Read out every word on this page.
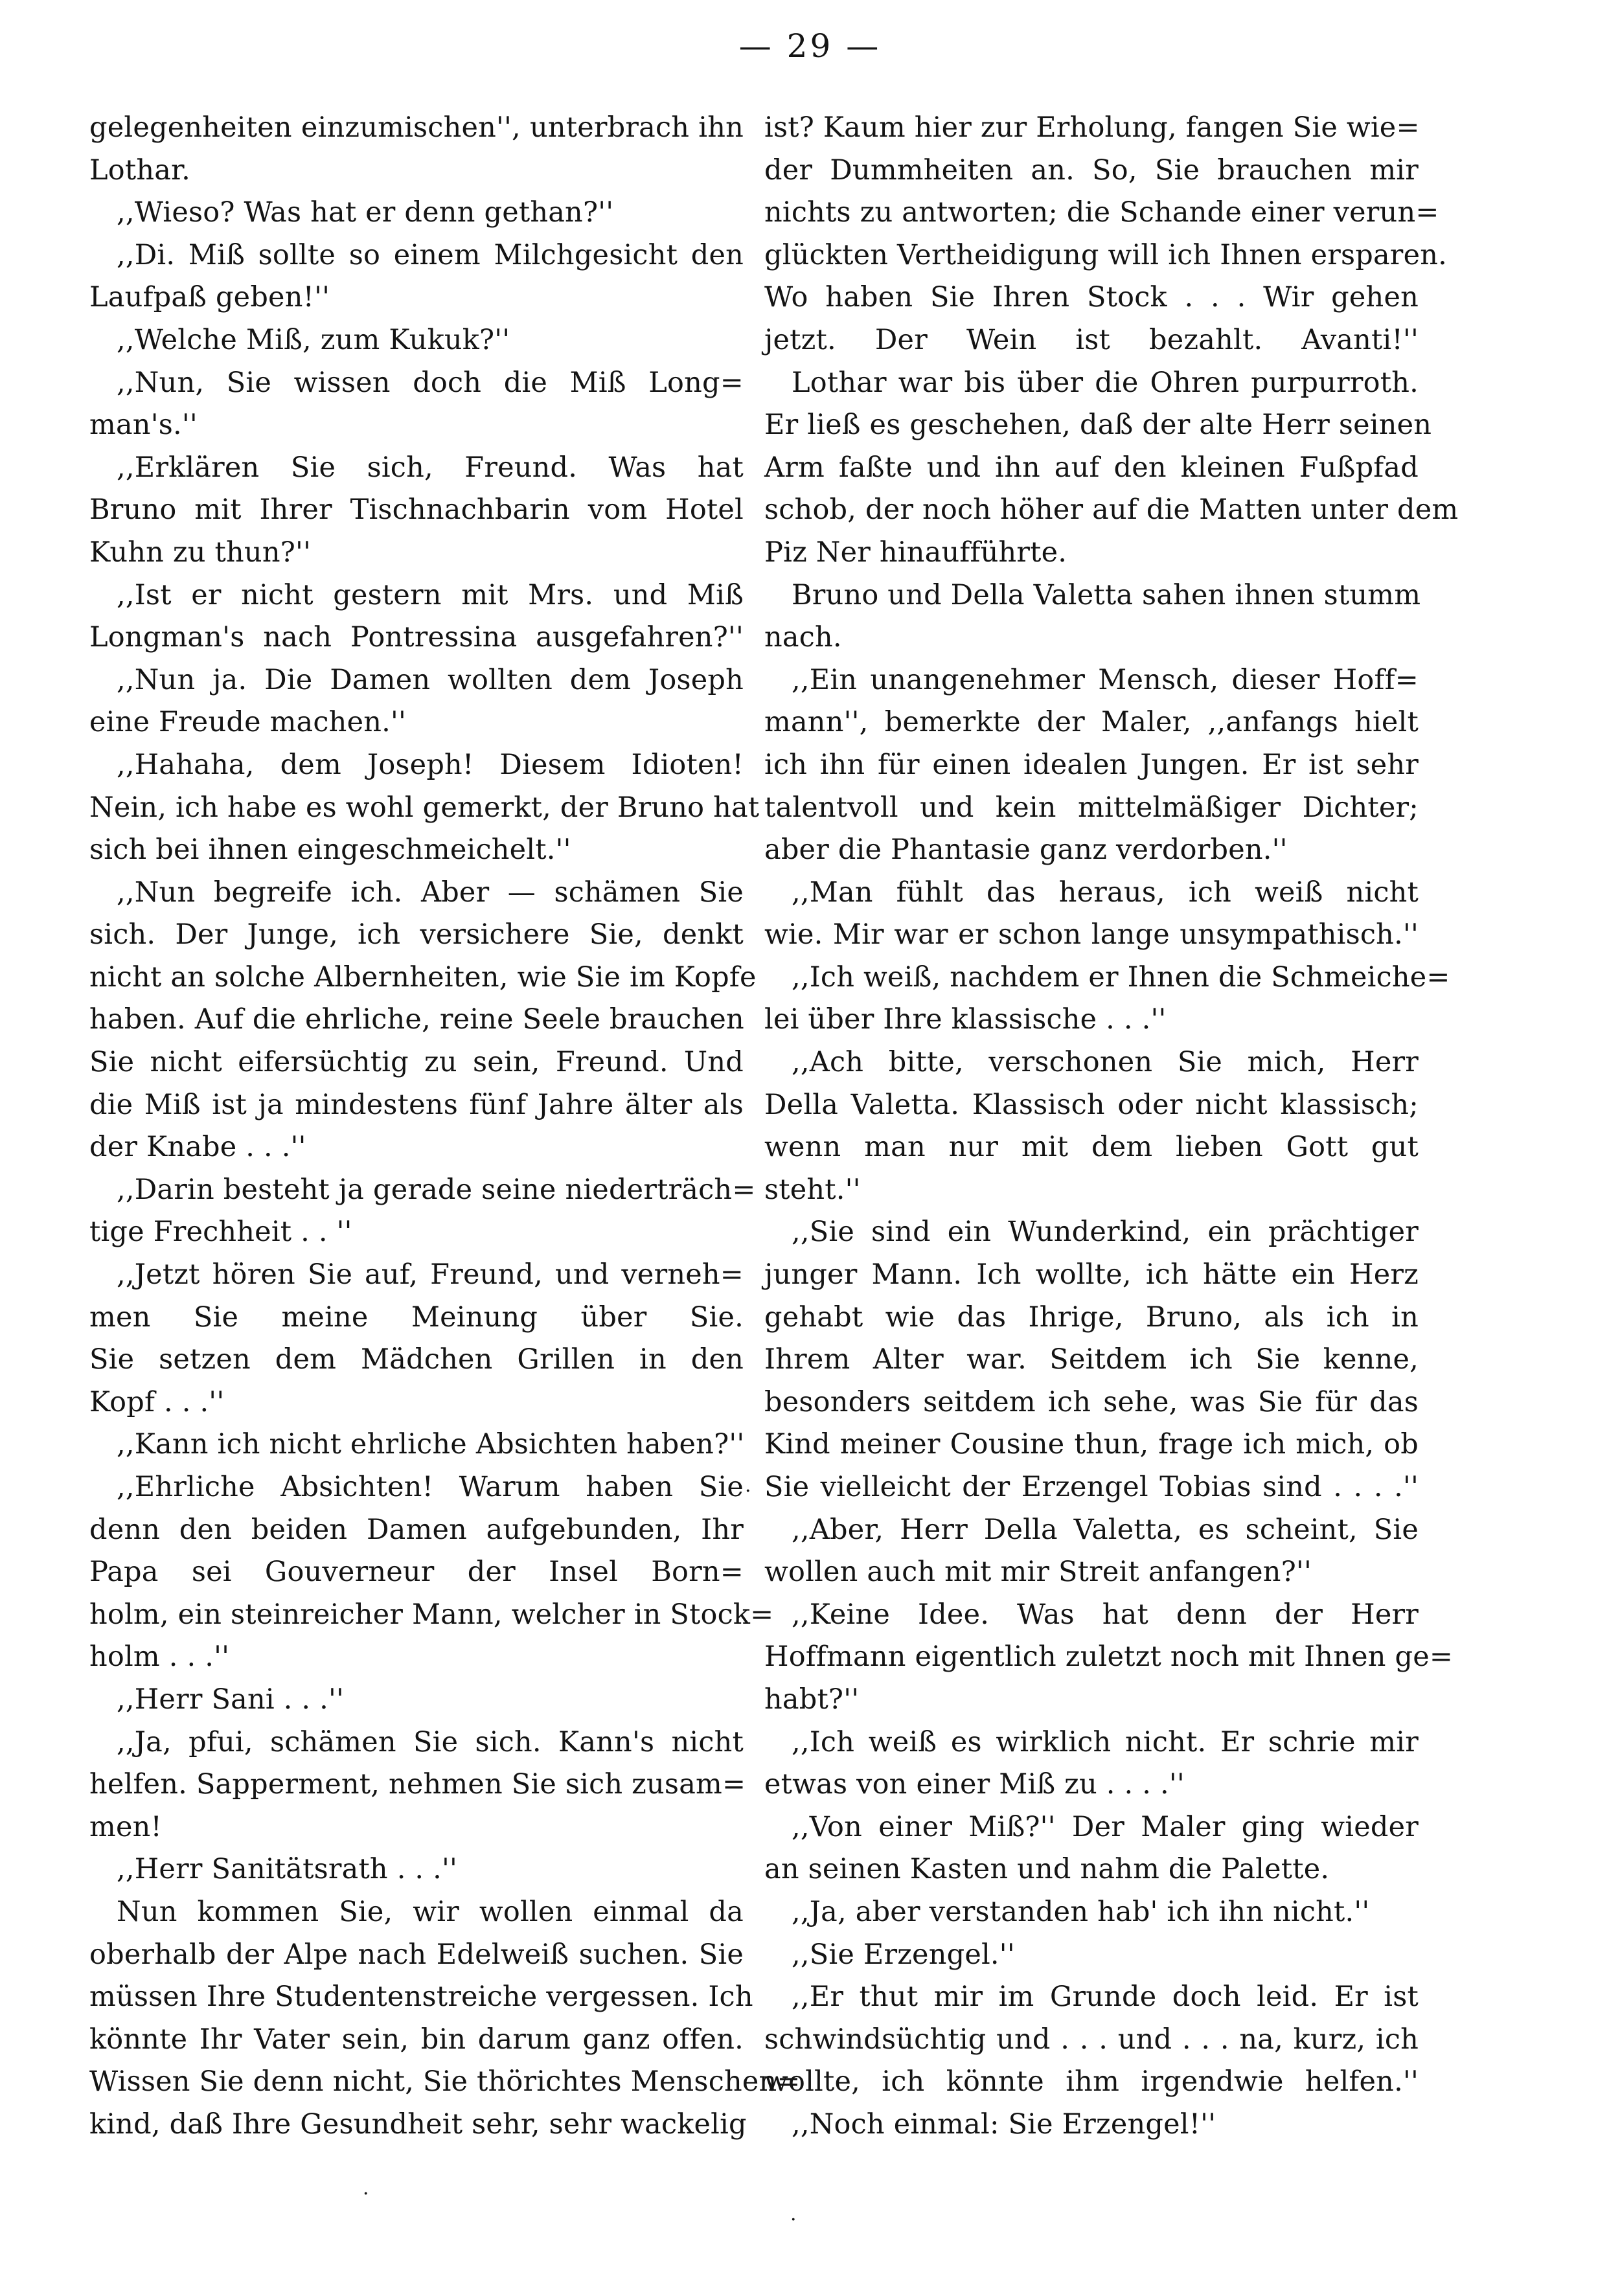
— 29 —
gelegenheiten einzumischen'', unterbrach ihn
Lothar.
,,Wieso? Was hat er denn gethan?''
,,Di. Miß sollte so einem Milchgesicht den
Laufpaß geben!''
,,Welche Miß, zum Kukuk?''
,,Nun, Sie wissen doch die Miß Long=
man's.''
,,Erklären Sie sich, Freund. Was hat
Bruno mit Ihrer Tischnachbarin vom Hotel
Kuhn zu thun?''
,,Ist er nicht gestern mit Mrs. und Miß
Longman's nach Pontressina ausgefahren?''
,,Nun ja. Die Damen wollten dem Joseph
eine Freude machen.''
,,Hahaha, dem Joseph! Diesem Idioten!
Nein, ich habe es wohl gemerkt, der Bruno hat
sich bei ihnen eingeschmeichelt.''
,,Nun begreife ich. Aber — schämen Sie
sich. Der Junge, ich versichere Sie, denkt
nicht an solche Albernheiten, wie Sie im Kopfe
haben. Auf die ehrliche, reine Seele brauchen
Sie nicht eifersüchtig zu sein, Freund. Und
die Miß ist ja mindestens fünf Jahre älter als
der Knabe . . .''
,,Darin besteht ja gerade seine niederträch=
tige Frechheit . . ''
,,Jetzt hören Sie auf, Freund, und verneh=
men Sie meine Meinung über Sie.
Sie setzen dem Mädchen Grillen in den
Kopf . . .''
,,Kann ich nicht ehrliche Absichten haben?''
,,Ehrliche Absichten! Warum haben Sie
denn den beiden Damen aufgebunden, Ihr
Papa sei Gouverneur der Insel Born=
holm, ein steinreicher Mann, welcher in Stock=
holm . . .''
,,Herr Sani . . .''
,,Ja, pfui, schämen Sie sich. Kann's nicht
helfen. Sapperment, nehmen Sie sich zusam=
men!
,,Herr Sanitätsrath . . .''
Nun kommen Sie, wir wollen einmal da
oberhalb der Alpe nach Edelweiß suchen. Sie
müssen Ihre Studentenstreiche vergessen. Ich
könnte Ihr Vater sein, bin darum ganz offen.
Wissen Sie denn nicht, Sie thörichtes Menschen=
kind, daß Ihre Gesundheit sehr, sehr wackelig
ist? Kaum hier zur Erholung, fangen Sie wie=
der Dummheiten an. So, Sie brauchen mir
nichts zu antworten; die Schande einer verun=
glückten Vertheidigung will ich Ihnen ersparen.
Wo haben Sie Ihren Stock . . . Wir gehen
jetzt. Der Wein ist bezahlt. Avanti!''
Lothar war bis über die Ohren purpurroth.
Er ließ es geschehen, daß der alte Herr seinen
Arm faßte und ihn auf den kleinen Fußpfad
schob, der noch höher auf die Matten unter dem
Piz Ner hinaufführte.
Bruno und Della Valetta sahen ihnen stumm
nach.
,,Ein unangenehmer Mensch, dieser Hoff=
mann'', bemerkte der Maler, ,,anfangs hielt
ich ihn für einen idealen Jungen. Er ist sehr
talentvoll und kein mittelmäßiger Dichter;
aber die Phantasie ganz verdorben.''
,,Man fühlt das heraus, ich weiß nicht
wie. Mir war er schon lange unsympathisch.''
,,Ich weiß, nachdem er Ihnen die Schmeiche=
lei über Ihre klassische . . .''
,,Ach bitte, verschonen Sie mich, Herr
Della Valetta. Klassisch oder nicht klassisch;
wenn man nur mit dem lieben Gott gut
steht.''
,,Sie sind ein Wunderkind, ein prächtiger
junger Mann. Ich wollte, ich hätte ein Herz
gehabt wie das Ihrige, Bruno, als ich in
Ihrem Alter war. Seitdem ich Sie kenne,
besonders seitdem ich sehe, was Sie für das
Kind meiner Cousine thun, frage ich mich, ob
Sie vielleicht der Erzengel Tobias sind . . . .''
,,Aber, Herr Della Valetta, es scheint, Sie
wollen auch mit mir Streit anfangen?''
,,Keine Idee. Was hat denn der Herr
Hoffmann eigentlich zuletzt noch mit Ihnen ge=
habt?''
,,Ich weiß es wirklich nicht. Er schrie mir
etwas von einer Miß zu . . . .''
,,Von einer Miß?'' Der Maler ging wieder
an seinen Kasten und nahm die Palette.
,,Ja, aber verstanden hab' ich ihn nicht.''
,,Sie Erzengel.''
,,Er thut mir im Grunde doch leid. Er ist
schwindsüchtig und . . . und . . . na, kurz, ich
wollte, ich könnte ihm irgendwie helfen.''
,,Noch einmal: Sie Erzengel!''
·
·
·
